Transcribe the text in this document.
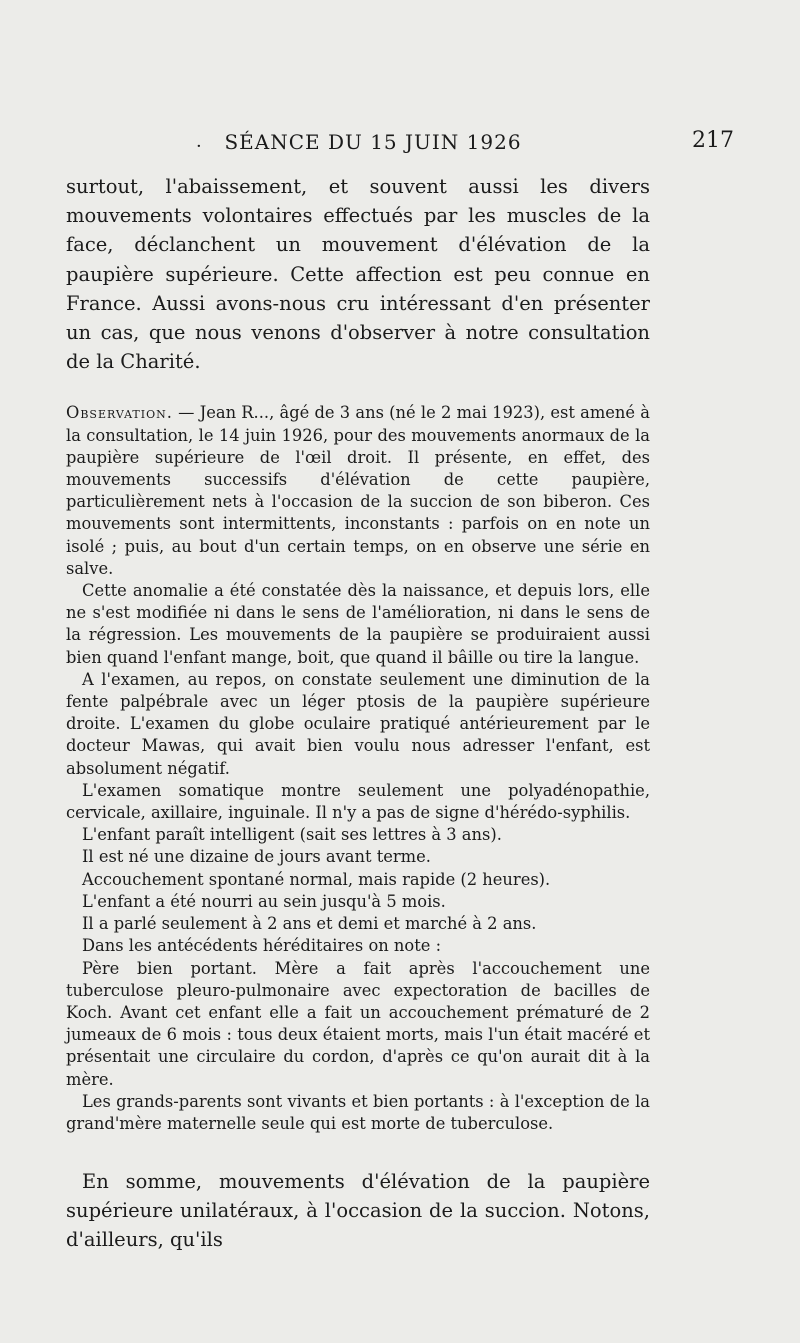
·	SÉANCE DU 15 JUIN 1926	217

surtout, l'abaissement, et souvent aussi les divers mouvements volontaires effectués par les muscles de la face, déclanchent un mouvement d'élévation de la paupière supérieure. Cette affection est peu connue en France. Aussi avons-nous cru intéressant d'en présenter un cas, que nous venons d'observer à notre consultation de la Charité.

Observation. — Jean R..., âgé de 3 ans (né le 2 mai 1923), est amené à la consultation, le 14 juin 1926, pour des mouvements anormaux de la paupière supérieure de l'œil droit. Il présente, en effet, des mouvements successifs d'élévation de cette paupière, particulièrement nets à l'occasion de la succion de son biberon. Ces mouvements sont intermittents, inconstants : parfois on en note un isolé ; puis, au bout d'un certain temps, on en observe une série en salve.

Cette anomalie a été constatée dès la naissance, et depuis lors, elle ne s'est modifiée ni dans le sens de l'amélioration, ni dans le sens de la régression. Les mouvements de la paupière se produiraient aussi bien quand l'enfant mange, boit, que quand il bâille ou tire la langue.

A l'examen, au repos, on constate seulement une diminution de la fente palpébrale avec un léger ptosis de la paupière supérieure droite. L'examen du globe oculaire pratiqué antérieurement par le docteur Mawas, qui avait bien voulu nous adresser l'enfant, est absolument négatif.

L'examen somatique montre seulement une polyadénopathie, cervicale, axillaire, inguinale. Il n'y a pas de signe d'hérédo-syphilis.

L'enfant paraît intelligent (sait ses lettres à 3 ans).

Il est né une dizaine de jours avant terme.

Accouchement spontané normal, mais rapide (2 heures).

L'enfant a été nourri au sein jusqu'à 5 mois.

Il a parlé seulement à 2 ans et demi et marché à 2 ans.

Dans les antécédents héréditaires on note :

Père bien portant. Mère a fait après l'accouchement une tuberculose pleuro-pulmonaire avec expectoration de bacilles de Koch. Avant cet enfant elle a fait un accouchement prématuré de 2 jumeaux de 6 mois : tous deux étaient morts, mais l'un était macéré et présentait une circulaire du cordon, d'après ce qu'on aurait dit à la mère.

Les grands-parents sont vivants et bien portants : à l'exception de la grand'mère maternelle seule qui est morte de tuberculose.

En somme, mouvements d'élévation de la paupière supérieure unilatéraux, à l'occasion de la succion. Notons, d'ailleurs, qu'ils
